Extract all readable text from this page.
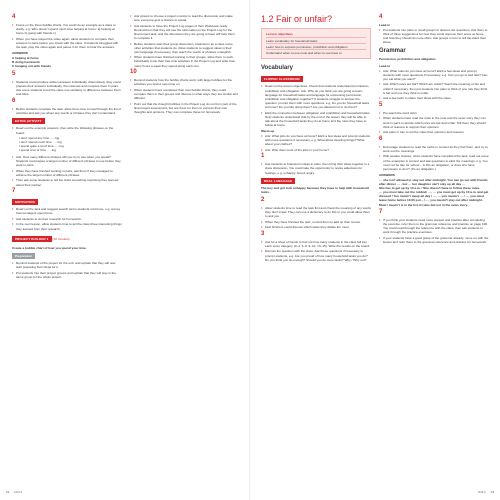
4
• Focus on the three bubble charts. You could do an example as a class to clarify, e.g. Who doesn't spend much time helping at home: a) helping at home b) going with friends c)
• When you have played the video again, allow students to compare their answers in pairs before you check with the class. If students struggled with the task, play the video again and pause it for them to hear the answers.
ANSWERS
A helping at home
B doing homework
C hanging out with friends
5
• Students could produce written answers individually. Alternatively, they could prepare their answers individually, then discuss and compare them in pairs. Ask some students to tell the class one similarity or difference between them and Alice.
6
• Before students complete the task, allow them time to read through the list of activities and ask you about any words or phrases they don't understand.
EXTRA ACTIVITY
• Read out the example answers, then write the following phrases on the board:
I don't spend any time … -ing
I don't spend much time … -ing
I spend quite a lot of time … -ing
I spend a lot of time … -ing
• Ask: How many different phrases will you try to use when you speak? Students could agree a target number of different phrases to use before they work in pairs.
• When they have finished working in pairs, ask them if they managed to achieve the target number of different phrases.
• Then ask some students to tell the class something surprising they learned about their partner.
7
MOTIVATION
• Read out the task and suggest search terms students could use, e.g. survey how teenagers spend time.
• Ask students to do their research for homework.
• In the next lesson, allow students time to tell the class three interesting things they learned from their research.
PROJECT BUILDER 1 (10 minutes)
Create a bubble chart of how you spend your time.
Preparation
• Remind students of the project for the unit, and explain that they will now start preparing their ideas for it.
• Put students into their project groups and explain that they will stay in the same group for the whole project.
• Ask groups to choose a project monitor to lead the discussion and make sure everyone gets a chance to speak.
• Ask students to have the Project Log pages of their Workbook ready. Remind them that they will use the information in the Project Log for the final project task, and the discussion they are going to have will help them to complete it.
• Before students start their group discussion, brainstorm as a class some other activities that students do. Allow students to suggest ideas in their own language if necessary, then teach the words or phrases in English.
• When students have finished working in their groups, allow them to work individually to list their free-time activities in the Project Log and write how many hours a week they spend doing each one.
10
• Remind students how the bubble charts work: with large bubbles for the activities you spend most time on.
• When students have completed their own bubble charts, they could compare them in their groups and discuss in what ways they are similar and different.
• Point out that the thought bubbles in the Project Log do not form part of the final project assessment, but are there for them to express their own thoughts and opinions. They can complete these for homework.
1.2 Fair or unfair?
Lesson objectives
Learn vocabulary for household tasks
Learn how to express permission, prohibition and obligation
Understand when to use must and when to use have to
Vocabulary
FLIPPED CLASSROOM
• Read out the lesson objectives. Check that students understand permission, prohibition and obligation. Ask: Why do you think you are going to learn language for household tasks and language for expressing permission, prohibition and obligation together? If students struggle to answer the question, prompt them with more questions, e.g. Do you do household tasks at home? Do you like doing them? Are you allowed not to do them?
• Elicit the connection between obligation and prohibition and household tasks. Help students understand that by the end of the lesson they will be able to talk about the household tasks they do at home and the rules they have to follow at home.
Warm-up
• Ask: What jobs do you have at home? Elicit a few ideas and prompt students with more questions if necessary, e.g. What about cleaning things? What about your clothes?
• Ask: Who does most of the jobs in your home?
1
• Ask students to brainstorm ideas in pairs, then bring their ideas together in a class discussion. You could take the opportunity to revise adjectives for feelings, e.g. unhappy, bored, angry.
REAL LANGUAGE
The boy and girl look unhappy because they have to help with household tasks.
2
• Allow students time to read the task first and check the meaning of any words they don't know. They can use a dictionary to do this or you could allow them to ask you.
• When they have finished the quiz, remind them to add up their scores.
• Fast finishers could discuss which tasks they dislike the most.
3
• Ask for a show of hands to find out how many students in the class fall into each score category (0–4, 5–8, 9–12, 13–15). Write the results on the board.
• Discuss the question with the class. Ask these questions if necessary to prompt students, e.g. Are you proud of how many household tasks you do? Do you think you do enough? Should you do more tasks? Why / Why not?
4
Lead-in
• Put students into pairs or small groups to discuss the questions. Ask them to think of three suggestions for how they could improve their score at home, and how they should do more often. Ask groups in turn to tell the class their ideas.
Grammar
Permission, prohibition and obligation
Lead-in
• Ask: What rules do you have at home? Elicit a few ideas and prompt students with more questions if necessary, e.g. Can you go to bed late? Can you eat what you want?
• Ask: Which rules are fair? Which are unfair? Teach the meaning of fair and unfair if necessary, then put students into pairs to think of one rule they think is fair and one they think is unfair.
• Ask a few pairs to share their ideas with the class.
5
• Pre-teach the word strict.
• When students have read the rules in the note and the news story they can work in pairs to decide which rules are fair and unfair. Tell them they should think of reasons to support their opinions.
• Ask pairs in turn to tell the class their opinions and reasons.
6
• Encourage students to read the verbs in context as they find them, and try to work out the meanings.
• With weaker classes, when students have completed the task, read out some of the examples in context and ask questions to elicit the meanings, e.g. You must not be late for school – is this an obligation, or does she have permission to do it? (It's an obligation.)
ANSWERS
… she isn't allowed to stay out after midnight, You can go out with friends after dinner … , but … her daughter can't stay up all day …
She has to get up by 10 a.m. / She doesn't have to follow these rules.
… you must take out the rubbish …, … you must get up by 10 a.m. and get dressed / You mustn't sleep all day / …, … you mustn't … / …, you must leave home before 10.00 p.m., / …, you mustn't stay out after midnight. Must / mustn't is in the list of rules but not in the news story.
7
• If you think your students need more support and practice after completing the exercise, refer them to the grammar reference and practice on page 106. You could read through the reference with the class, then ask students to work through the practice exercises.
• If your students have a good grasp of the grammar already, move on with the lesson and refer them to the grammar reference and practice for homework.
22 Unit 1	Unit 1 23
